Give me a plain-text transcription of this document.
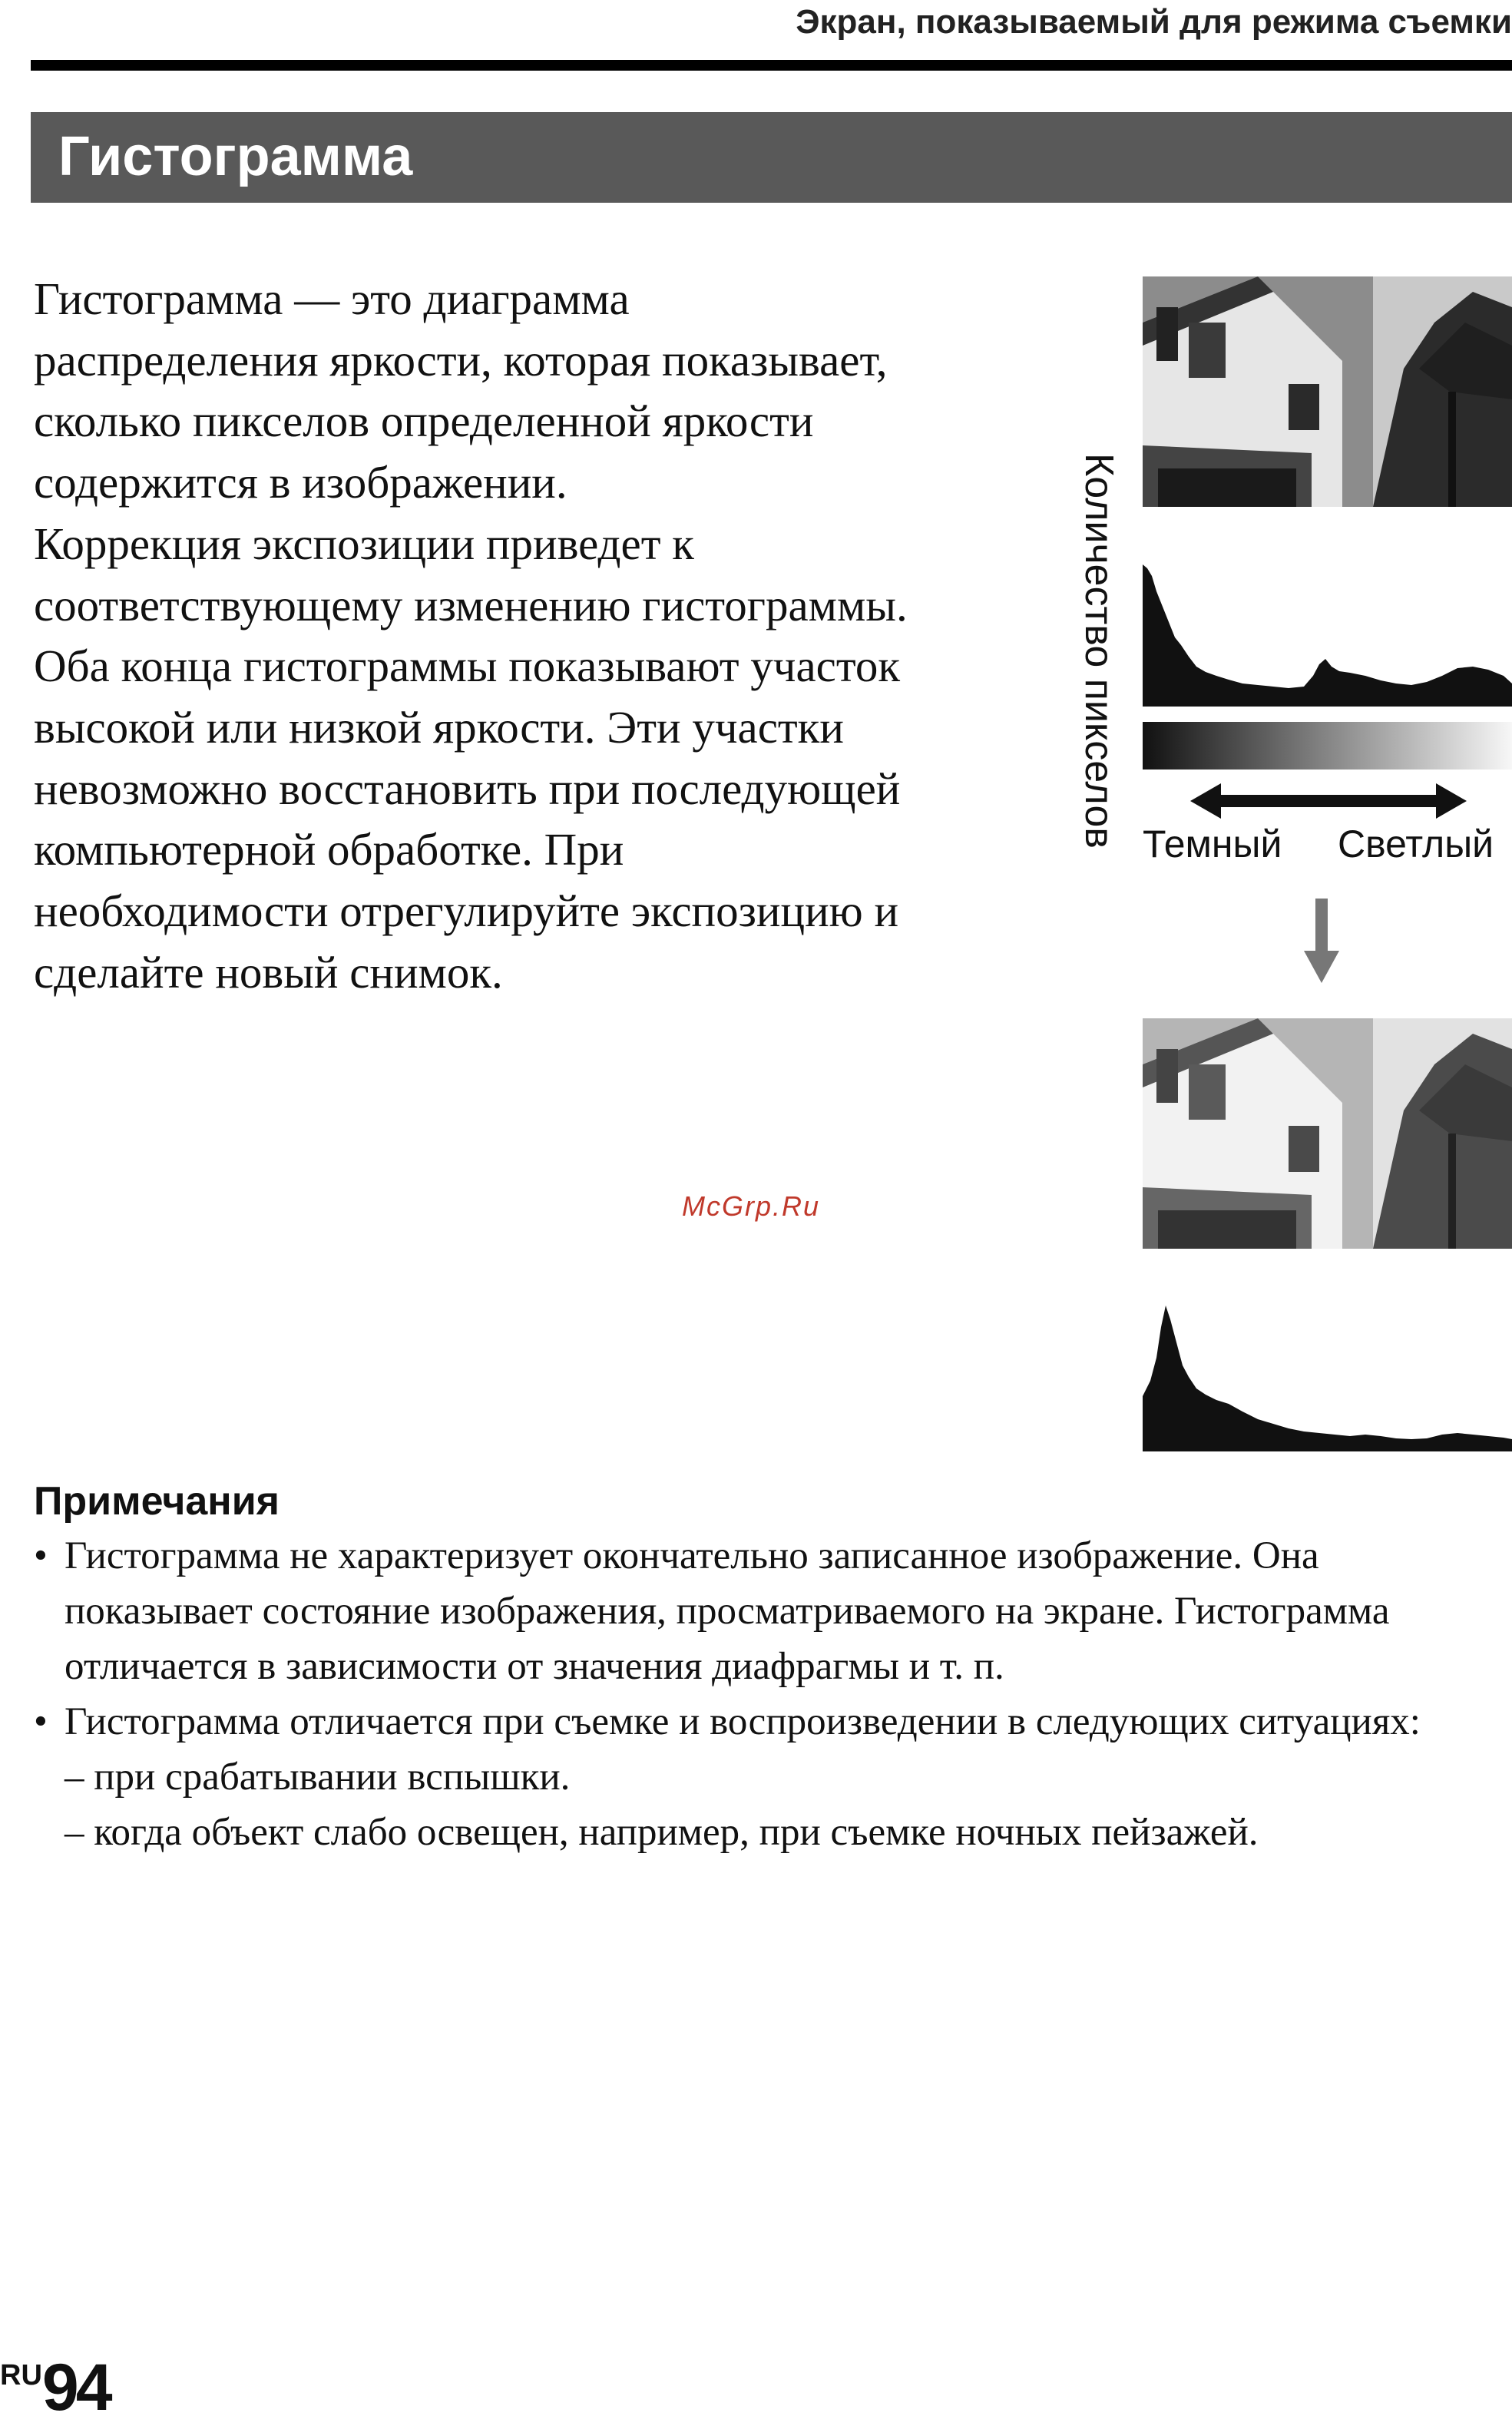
Экран, показываемый для режима съемки
Гистограмма

Гистограмма — это диаграмма распределения яркости, которая показывает, сколько пикселов определенной яркости содержится в изображении.

Коррекция экспозиции приведет к соответствующему изменению гистограммы.

Оба конца гистограммы показывают участок высокой или низкой яркости. Эти участки невозможно восстановить при последующей компьютерной обработке. При необходимости отрегулируйте экспозицию и сделайте новый снимок.

McGrp.Ru
Количество пикселов Темный Светлый
Примечания
• Гистограмма не характеризует окончательно записанное изображение. Она показывает состояние изображения, просматриваемого на экране. Гистограмма отличается в зависимости от значения диафрагмы и т. п.
• Гистограмма отличается при съемке и воспроизведении в следующих ситуациях:
– при срабатывании вспышки.
– когда объект слабо освещен, например, при съемке ночных пейзажей.
RU94
